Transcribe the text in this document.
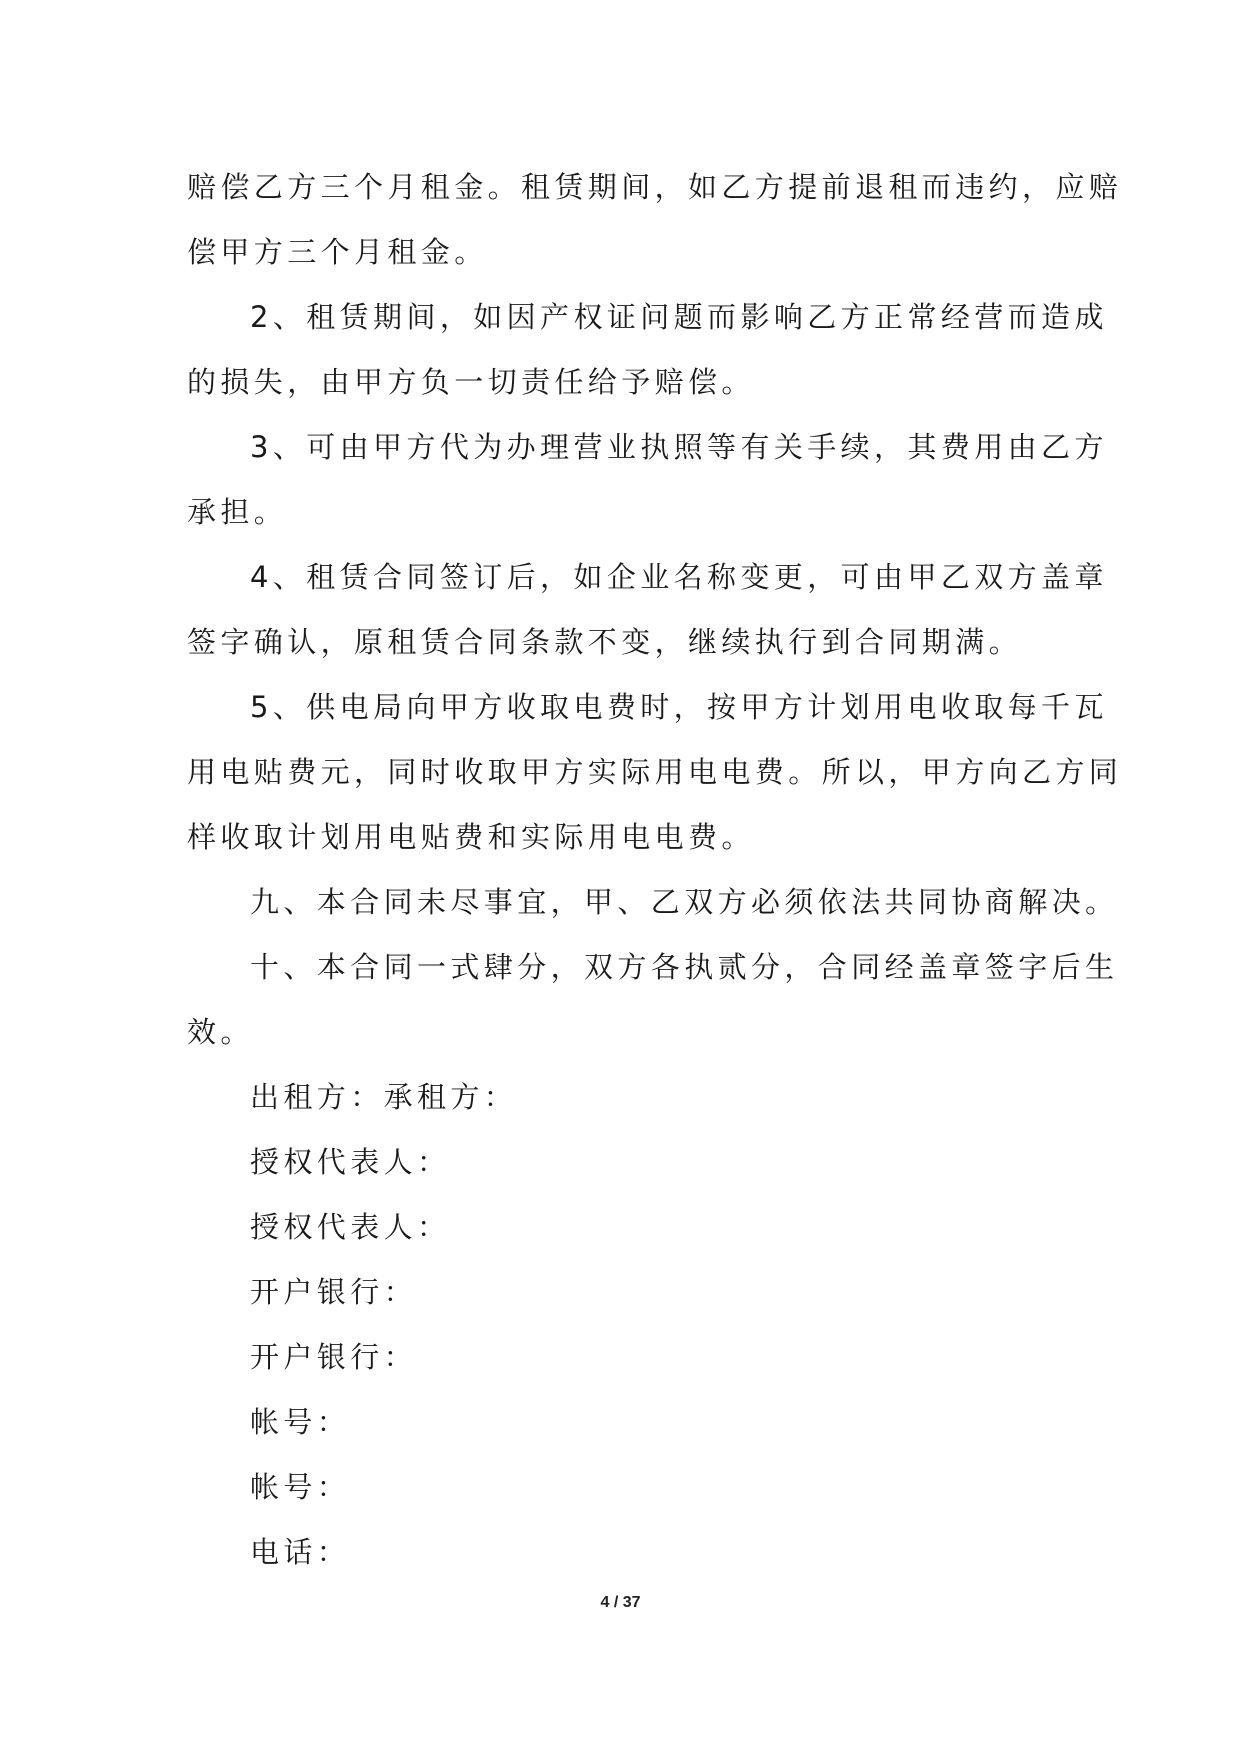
赔偿乙方三个月租金。租赁期间，如乙方提前退租而违约，应赔
偿甲方三个月租金。

2、租赁期间，如因产权证问题而影响乙方正常经营而造成
的损失，由甲方负一切责任给予赔偿。

3、可由甲方代为办理营业执照等有关手续，其费用由乙方
承担。

4、租赁合同签订后，如企业名称变更，可由甲乙双方盖章
签字确认，原租赁合同条款不变，继续执行到合同期满。

5、供电局向甲方收取电费时，按甲方计划用电收取每千瓦
用电贴费元，同时收取甲方实际用电电费。所以，甲方向乙方同
样收取计划用电贴费和实际用电电费。

九、本合同未尽事宜，甲、乙双方必须依法共同协商解决。

十、本合同一式肆分，双方各执贰分，合同经盖章签字后生
效。

出租方：承租方：

授权代表人：

授权代表人：

开户银行：

开户银行：

帐号：

帐号：

电话：

4 / 37
